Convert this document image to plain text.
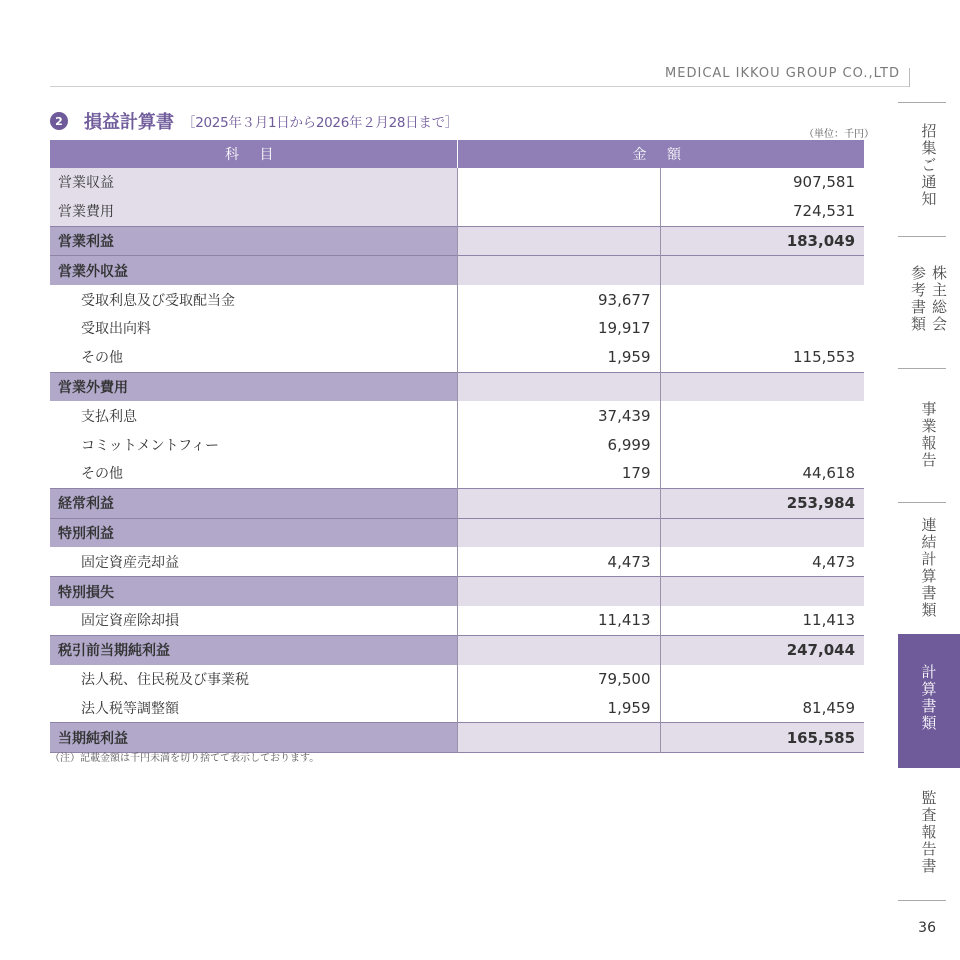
MEDICAL IKKOU GROUP CO.,LTD
2 損益計算書 ［2025年３月1日から2026年２月28日まで］
（単位：千円）
科 目	金 額	
営業収益		907,581
営業費用		724,531
営業利益		183,049
営業外収益		
受取利息及び受取配当金	93,677	
受取出向料	19,917	
その他	1,959	115,553
営業外費用		
支払利息	37,439	
コミットメントフィー	6,999	
その他	179	44,618
経常利益		253,984
特別利益		
固定資産売却益	4,473	4,473
特別損失		
固定資産除却損	11,413	11,413
税引前当期純利益		247,044
法人税、住民税及び事業税	79,500	
法人税等調整額	1,959	81,459
当期純利益		165,585
（注）記載金額は千円未満を切り捨てて表示しております。
招集ご通知
株主総会参考書類
事業報告
連結計算書類
計算書類
監査報告書
36
